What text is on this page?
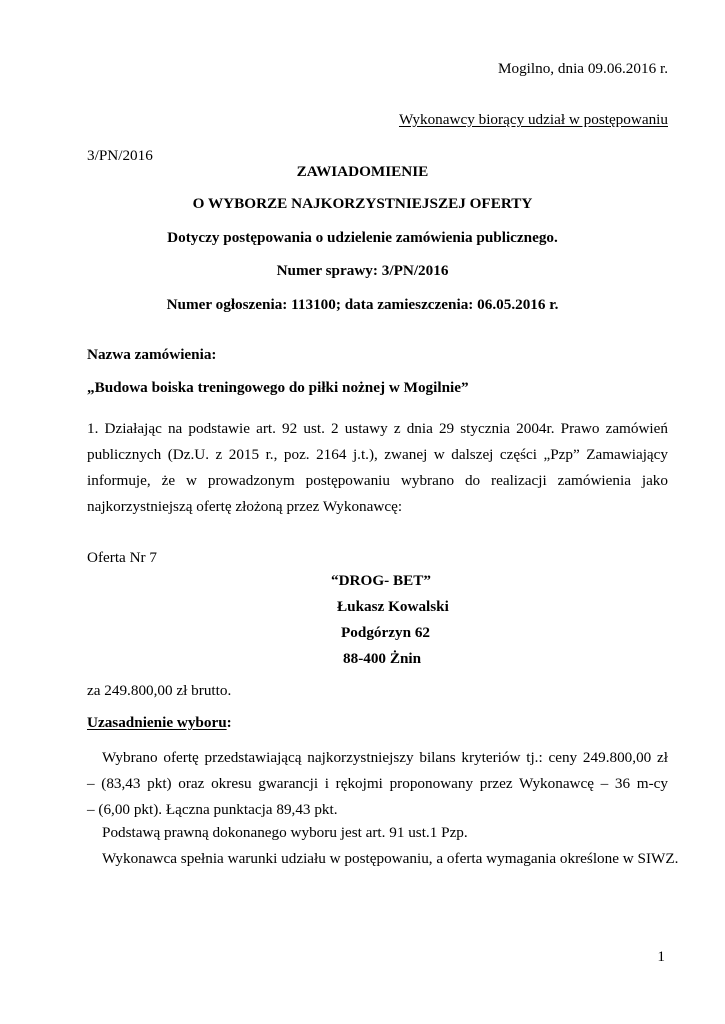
Mogilno, dnia 09.06.2016 r.
Wykonawcy biorący udział w postępowaniu
3/PN/2016
ZAWIADOMIENIE
O WYBORZE NAJKORZYSTNIEJSZEJ OFERTY
Dotyczy postępowania o udzielenie zamówienia publicznego.
Numer sprawy: 3/PN/2016
Numer ogłoszenia: 113100; data zamieszczenia: 06.05.2016 r.
Nazwa zamówienia:
„Budowa boiska treningowego do piłki nożnej w Mogilnie”
1. Działając na podstawie art. 92 ust. 2 ustawy z dnia 29 stycznia 2004r. Prawo zamówień
publicznych (Dz.U. z 2015 r., poz. 2164 j.t.), zwanej w dalszej części „Pzp” Zamawiający
informuje, że w prowadzonym postępowaniu wybrano do realizacji zamówienia jako
najkorzystniejszą ofertę złożoną przez Wykonawcę:
Oferta Nr 7
“DROG- BET”
Łukasz Kowalski
Podgórzyn 62
88-400 Żnin
za 249.800,00 zł brutto.
Uzasadnienie wyboru:
Wybrano ofertę przedstawiającą najkorzystniejszy bilans kryteriów tj.: ceny 249.800,00 zł
– (83,43 pkt) oraz okresu gwarancji i rękojmi proponowany przez Wykonawcę – 36 m-cy
– (6,00 pkt). Łączna punktacja 89,43 pkt.
Podstawą prawną dokonanego wyboru jest art. 91 ust.1 Pzp.
Wykonawca spełnia warunki udziału w postępowaniu, a oferta wymagania określone w SIWZ.
1
